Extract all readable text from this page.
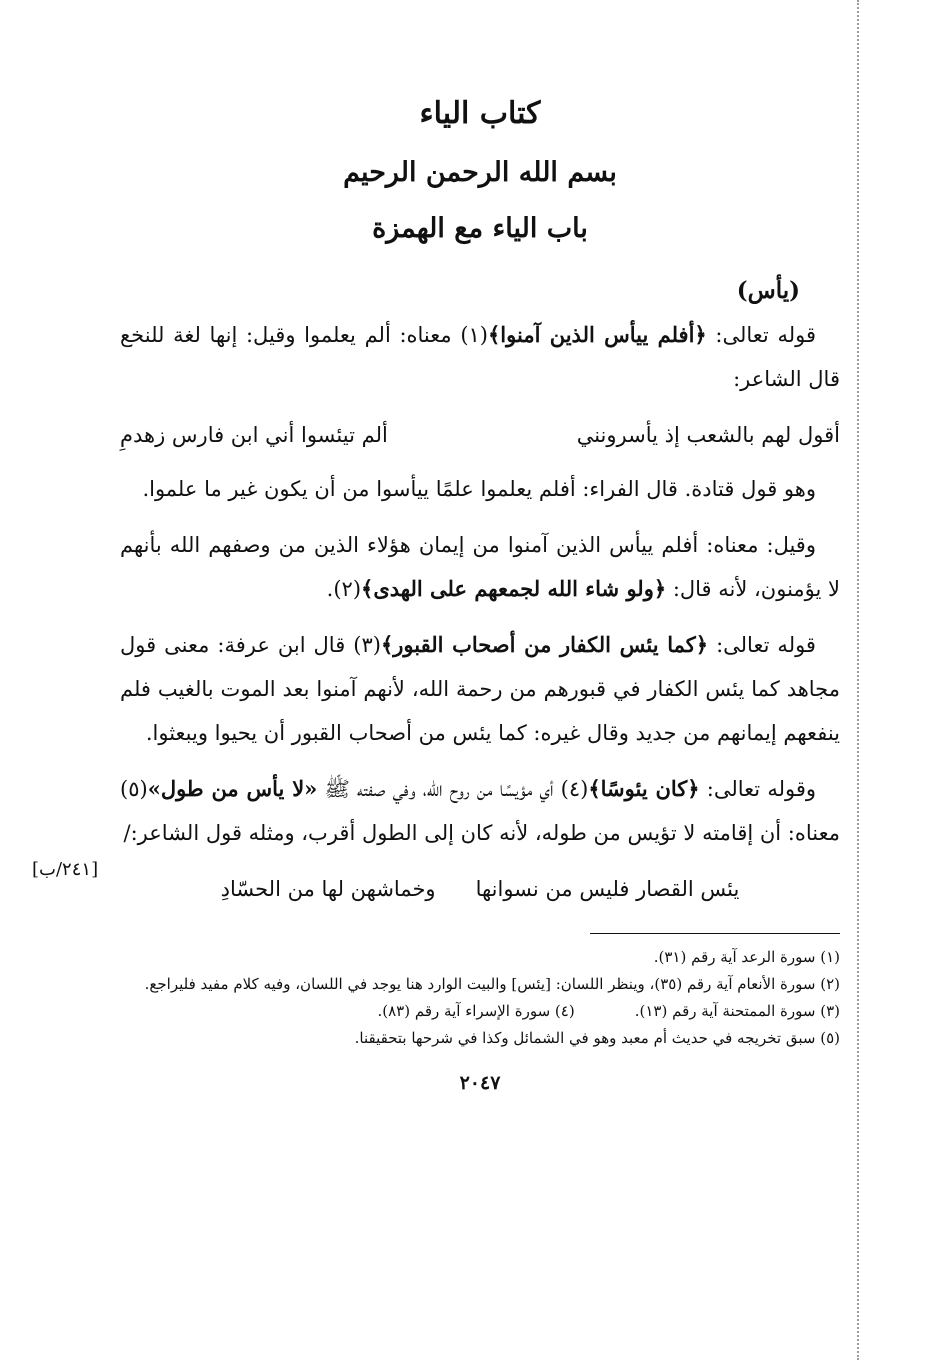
كتاب الياء
بسم الله الرحمن الرحيم
باب الياء مع الهمزة
(يأس)

قوله تعالى: ﴿أفلم ييأس الذين آمنوا﴾(١) معناه: ألم يعلموا وقيل: إنها لغة للنخع قال الشاعر:

أقول لهم بالشعب إذ يأسرونني
ألم تيئسوا أني ابن فارس زهدمِ

وهو قول قتادة. قال الفراء: أفلم يعلموا علمًا ييأسوا من أن يكون غير ما علموا.

وقيل: معناه: أفلم ييأس الذين آمنوا من إيمان هؤلاء الذين من وصفهم الله بأنهم لا يؤمنون، لأنه قال: ﴿ولو شاء الله لجمعهم على الهدى﴾(٢).

قوله تعالى: ﴿كما يئس الكفار من أصحاب القبور﴾(٣) قال ابن عرفة: معنى قول مجاهد كما يئس الكفار في قبورهم من رحمة الله، لأنهم آمنوا بعد الموت بالغيب فلم ينفعهم إيمانهم من جديد وقال غيره: كما يئس من أصحاب القبور أن يحيوا ويبعثوا.

وقوله تعالى: ﴿كان يئوسًا﴾(٤) أي مؤيسًا من روح الله، وفي صفته ﷺ «لا يأس من طول»(٥) معناه: أن إقامته لا تؤيس من طوله، لأنه كان إلى الطول أقرب، ومثله قول الشاعر:/

[٢٤١/ب]
يئس القصار فليس من نسوانها
وخماشهن لها من الحسّادِ

(١) سورة الرعد آية رقم (٣١).

(٢) سورة الأنعام آية رقم (٣٥)، وينظر اللسان: [يئس] والبيت الوارد هنا يوجد في اللسان، وفيه كلام مفيد فليراجع.

(٣) سورة الممتحنة آية رقم (١٣).
(٤) سورة الإسراء آية رقم (٨٣).

(٥) سبق تخريجه في حديث أم معبد وهو في الشمائل وكذا في شرحها بتحقيقنا.

٢٠٤٧
